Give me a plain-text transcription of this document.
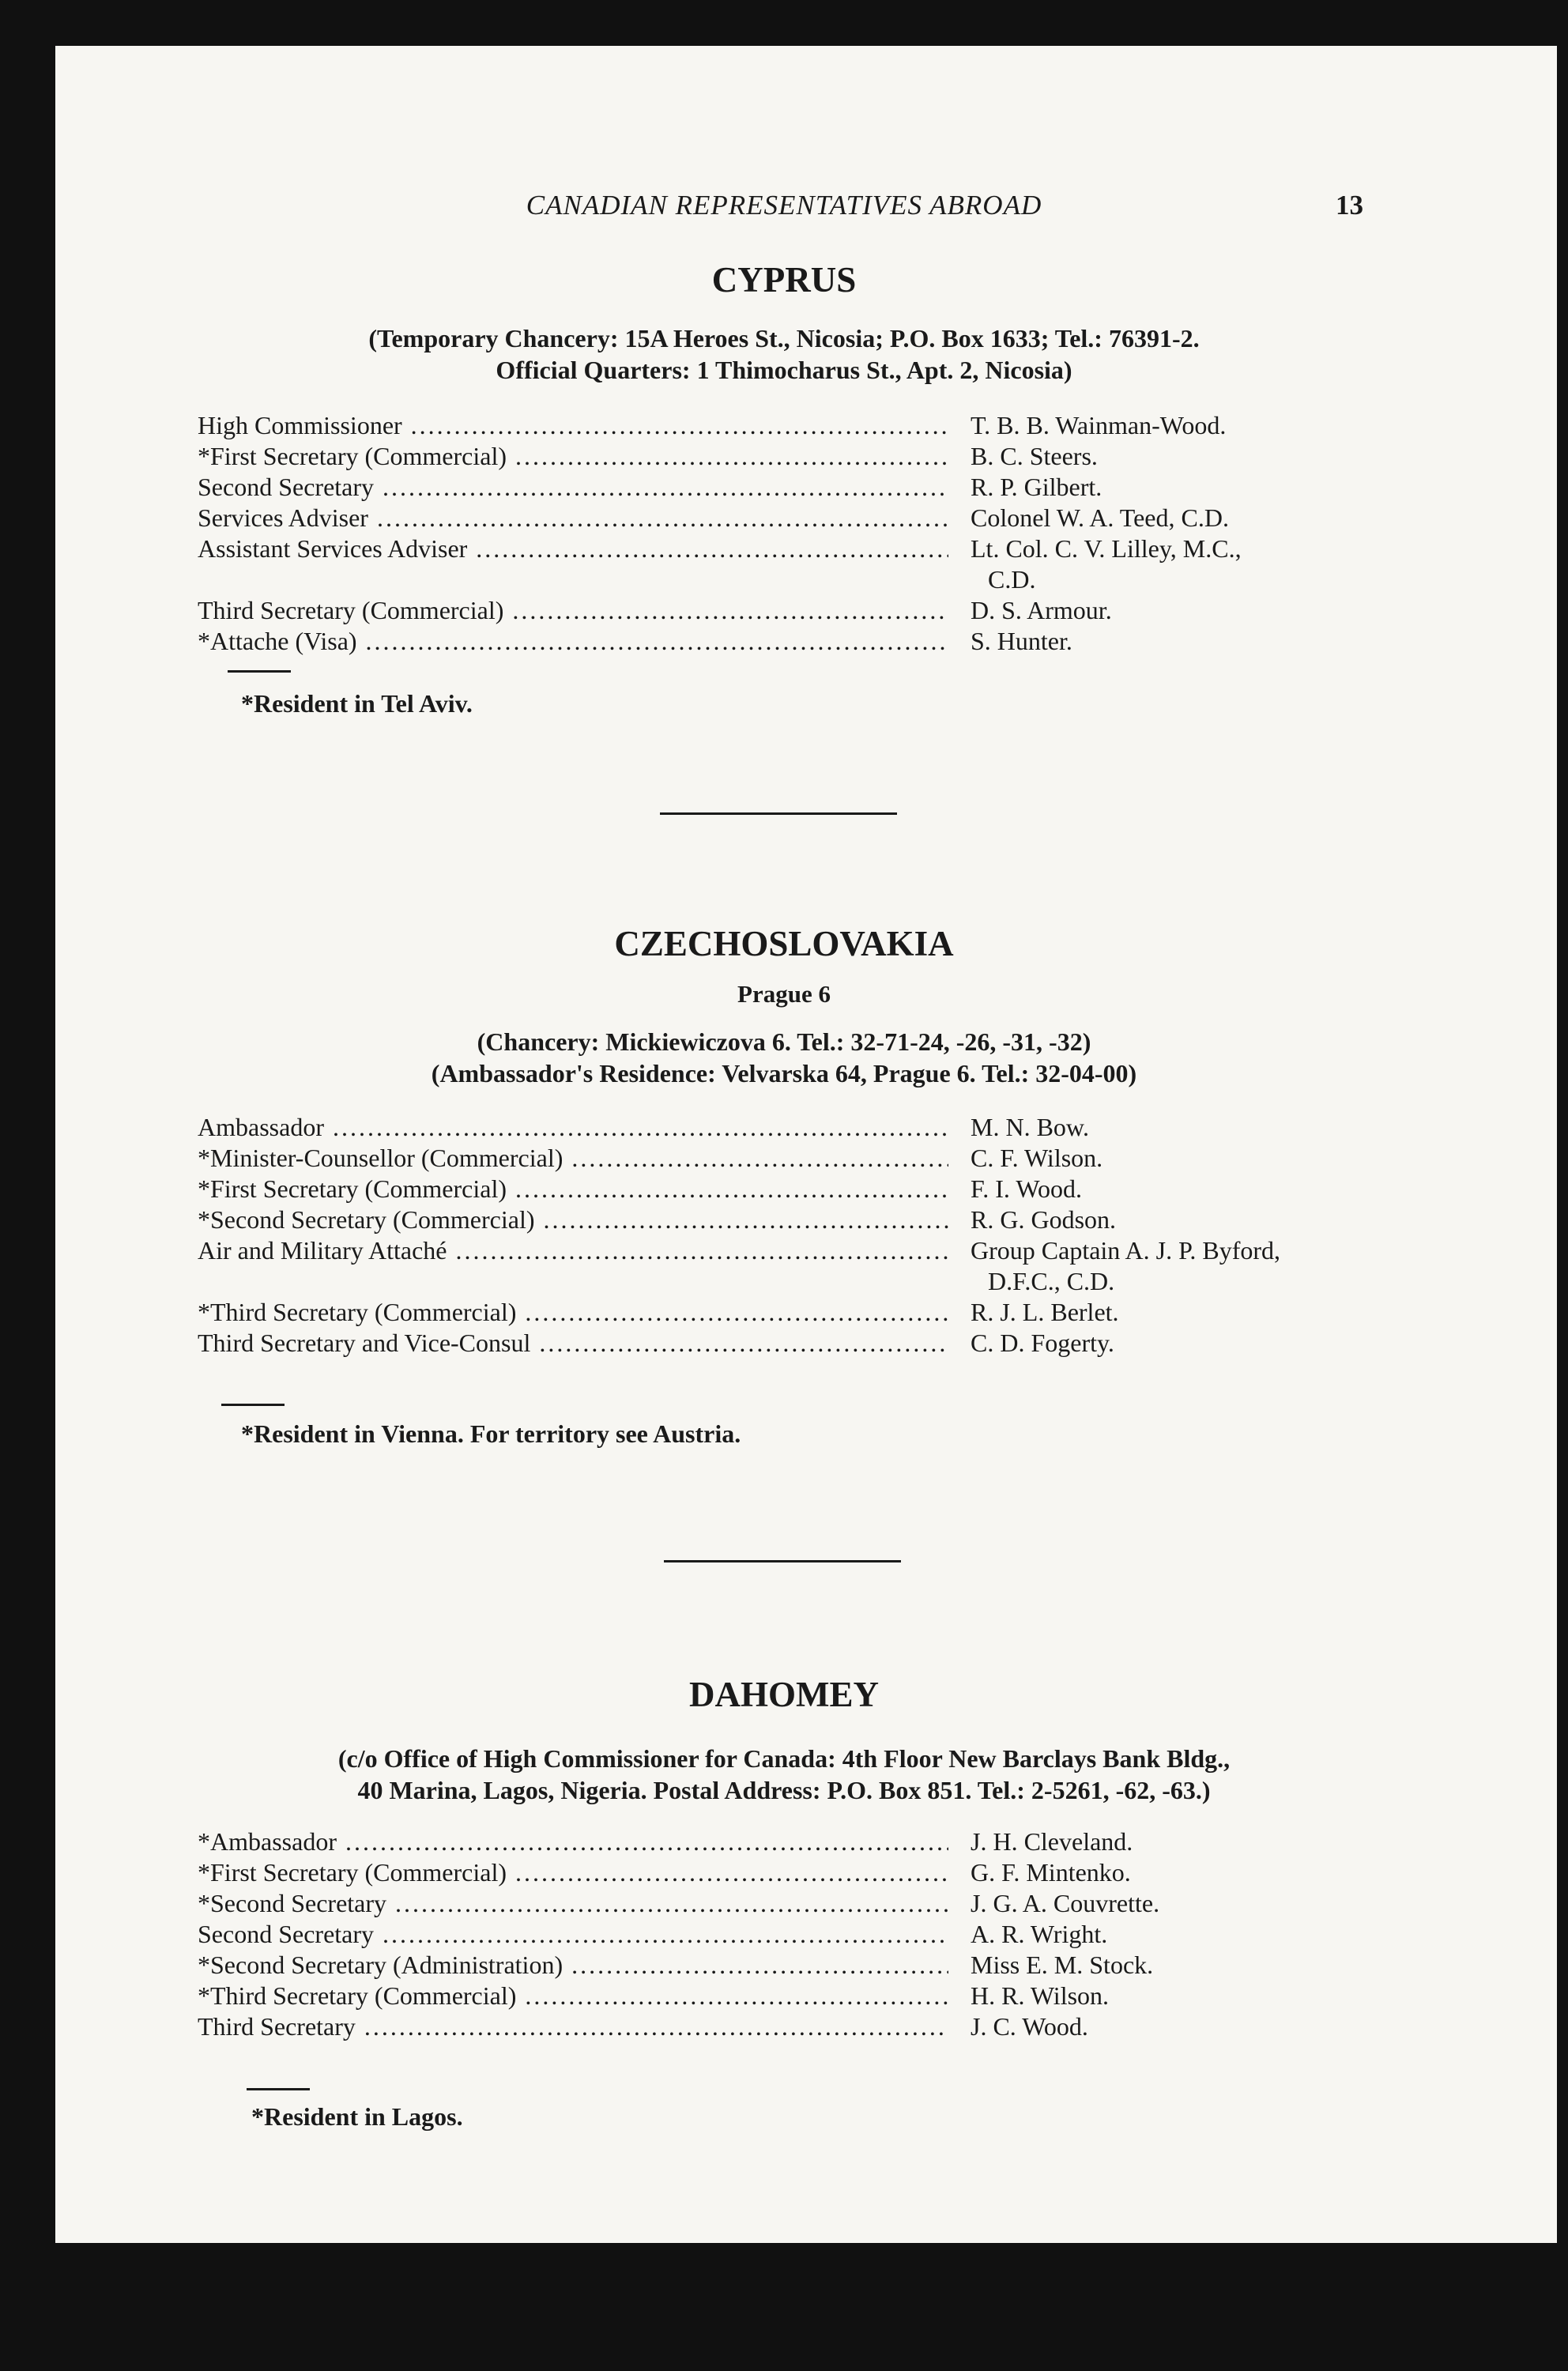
CANADIAN REPRESENTATIVES ABROAD	13
CYPRUS
(Temporary Chancery: 15A Heroes St., Nicosia; P.O. Box 1633; Tel.: 76391-2.
Official Quarters: 1 Thimocharus St., Apt. 2, Nicosia)
High Commissioner .....	T. B. B. Wainman-Wood.
*First Secretary (Commercial) .....	B. C. Steers.
Second Secretary .....	R. P. Gilbert.
Services Adviser .....	Colonel W. A. Teed, C.D.
Assistant Services Adviser .....	Lt. Col. C. V. Lilley, M.C.,
C.D.
Third Secretary (Commercial) .....	D. S. Armour.
*Attache (Visa) .....	S. Hunter.
*Resident in Tel Aviv.
CZECHOSLOVAKIA
Prague 6
(Chancery: Mickiewiczova 6. Tel.: 32-71-24, -26, -31, -32)
(Ambassador's Residence: Velvarska 64, Prague 6. Tel.: 32-04-00)
Ambassador .....	M. N. Bow.
*Minister-Counsellor (Commercial) .....	C. F. Wilson.
*First Secretary (Commercial) .....	F. I. Wood.
*Second Secretary (Commercial) .....	R. G. Godson.
Air and Military Attaché .....	Group Captain A. J. P. Byford,
D.F.C., C.D.
*Third Secretary (Commercial) .....	R. J. L. Berlet.
Third Secretary and Vice-Consul .....	C. D. Fogerty.
*Resident in Vienna. For territory see Austria.
DAHOMEY
(c/o Office of High Commissioner for Canada: 4th Floor New Barclays Bank Bldg.,
40 Marina, Lagos, Nigeria. Postal Address: P.O. Box 851. Tel.: 2-5261, -62, -63.)
*Ambassador .....	J. H. Cleveland.
*First Secretary (Commercial) .....	G. F. Mintenko.
*Second Secretary .....	J. G. A. Couvrette.
Second Secretary .....	A. R. Wright.
*Second Secretary (Administration) .....	Miss E. M. Stock.
*Third Secretary (Commercial) .....	H. R. Wilson.
Third Secretary .....	J. C. Wood.
*Resident in Lagos.
